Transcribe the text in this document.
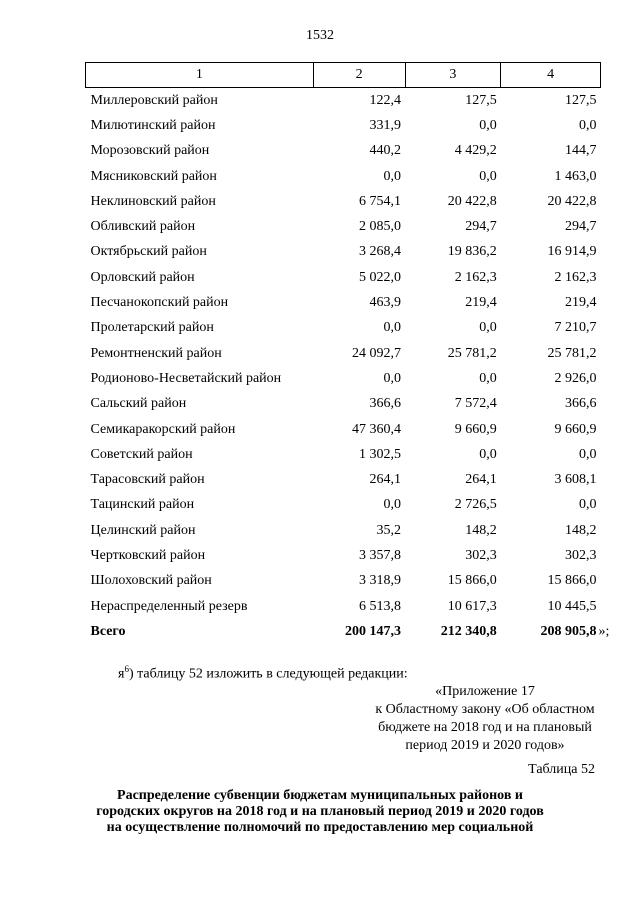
1532
1	2	3	4
Миллеровский район	122,4	127,5	127,5
Милютинский район	331,9	0,0	0,0
Морозовский район	440,2	4 429,2	144,7
Мясниковский район	0,0	0,0	1 463,0
Неклиновский район	6 754,1	20 422,8	20 422,8
Обливский район	2 085,0	294,7	294,7
Октябрьский район	3 268,4	19 836,2	16 914,9
Орловский район	5 022,0	2 162,3	2 162,3
Песчанокопский район	463,9	219,4	219,4
Пролетарский район	0,0	0,0	7 210,7
Ремонтненский район	24 092,7	25 781,2	25 781,2
Родионово-Несветайский район	0,0	0,0	2 926,0
Сальский район	366,6	7 572,4	366,6
Семикаракорский район	47 360,4	9 660,9	9 660,9
Советский район	1 302,5	0,0	0,0
Тарасовский район	264,1	264,1	3 608,1
Тацинский район	0,0	2 726,5	0,0
Целинский район	35,2	148,2	148,2
Чертковский район	3 357,8	302,3	302,3
Шолоховский район	3 318,9	15 866,0	15 866,0
Нераспределенный резерв	6 513,8	10 617,3	10 445,5
Всего	200 147,3	212 340,8	208 905,8 »;
$я^6$) таблицу 52 изложить в следующей редакции:
«Приложение 17
к Областному закону «Об областном
бюджете на 2018 год и на плановый
период 2019 и 2020 годов»
Таблица 52
Распределение субвенции бюджетам муниципальных районов и
городских округов на 2018 год и на плановый период 2019 и 2020 годов
на осуществление полномочий по предоставлению мер социальной
